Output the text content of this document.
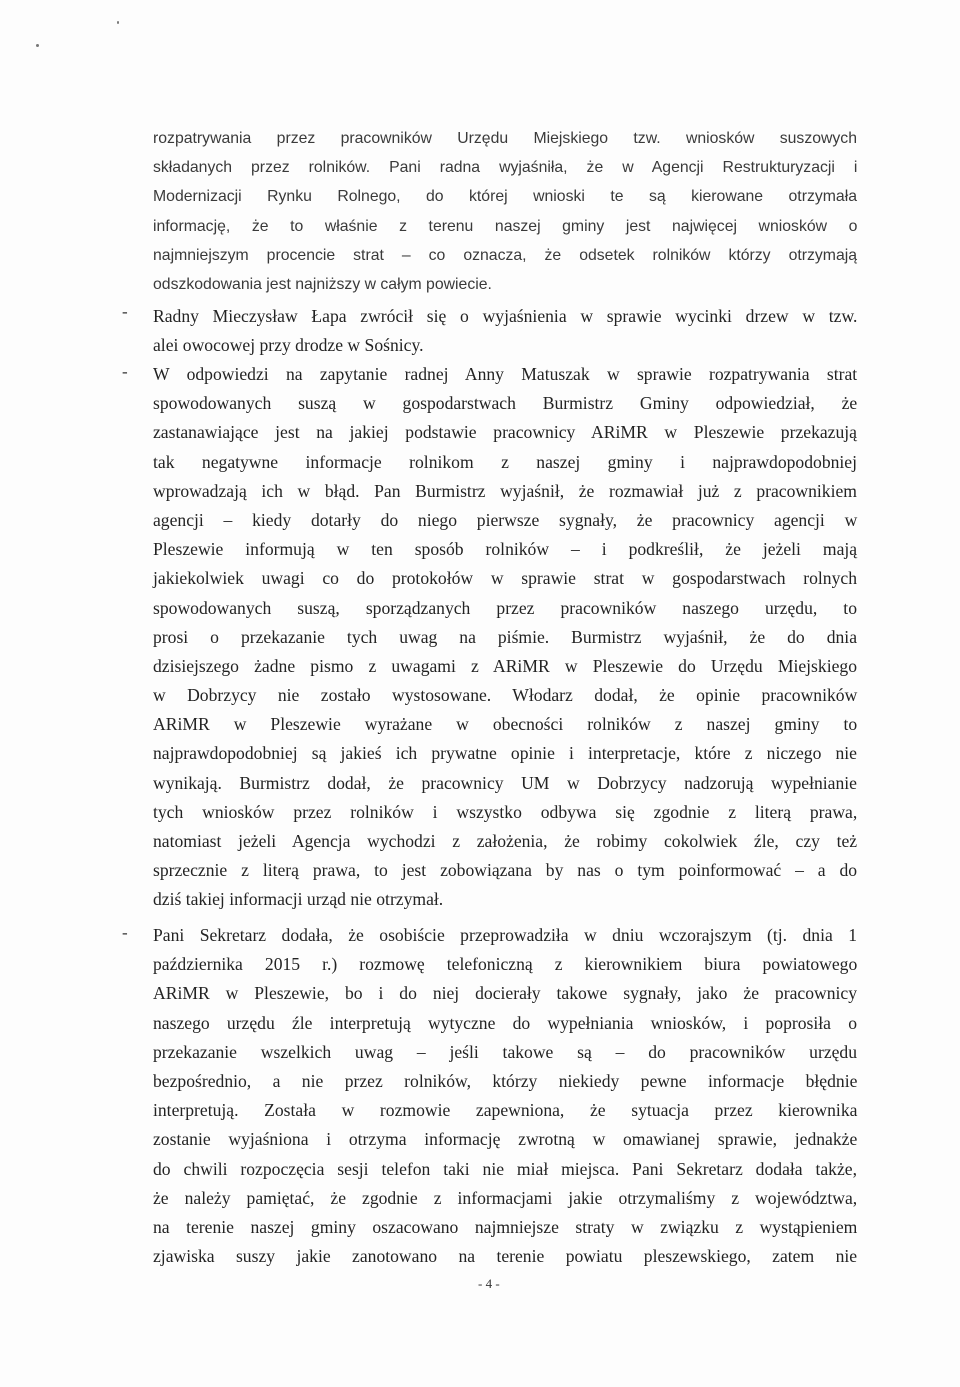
rozpatrywania przez pracowników Urzędu Miejskiego tzw. wniosków suszowych
składanych przez rolników. Pani radna wyjaśniła, że w Agencji Restrukturyzacji i
Modernizacji Rynku Rolnego, do której wnioski te są kierowane otrzymała
informację, że to właśnie z terenu naszej gminy jest najwięcej wniosków o
najmniejszym procencie strat – co oznacza, że odsetek rolników którzy otrzymają
odszkodowania jest najniższy w całym powiecie.
- Radny Mieczysław Łapa zwrócił się o wyjaśnienia w sprawie wycinki drzew w tzw.
alei owocowej przy drodze w Sośnicy.
- W odpowiedzi na zapytanie radnej Anny Matuszak w sprawie rozpatrywania strat
spowodowanych suszą w gospodarstwach Burmistrz Gminy odpowiedział, że
zastanawiające jest na jakiej podstawie pracownicy ARiMR w Pleszewie przekazują
tak negatywne informacje rolnikom z naszej gminy i najprawdopodobniej
wprowadzają ich w błąd. Pan Burmistrz wyjaśnił, że rozmawiał już z pracownikiem
agencji – kiedy dotarły do niego pierwsze sygnały, że pracownicy agencji w
Pleszewie informują w ten sposób rolników – i podkreślił, że jeżeli mają
jakiekolwiek uwagi co do protokołów w sprawie strat w gospodarstwach rolnych
spowodowanych suszą, sporządzanych przez pracowników naszego urzędu, to
prosi o przekazanie tych uwag na piśmie. Burmistrz wyjaśnił, że do dnia
dzisiejszego żadne pismo z uwagami z ARiMR w Pleszewie do Urzędu Miejskiego
w Dobrzycy nie zostało wystosowane. Włodarz dodał, że opinie pracowników
ARiMR w Pleszewie wyrażane w obecności rolników z naszej gminy to
najprawdopodobniej są jakieś ich prywatne opinie i interpretacje, które z niczego nie
wynikają. Burmistrz dodał, że pracownicy UM w Dobrzycy nadzorują wypełnianie
tych wniosków przez rolników i wszystko odbywa się zgodnie z literą prawa,
natomiast jeżeli Agencja wychodzi z założenia, że robimy cokolwiek źle, czy też
sprzecznie z literą prawa, to jest zobowiązana by nas o tym poinformować – a do
dziś takiej informacji urząd nie otrzymał.
- Pani Sekretarz dodała, że osobiście przeprowadziła w dniu wczorajszym (tj. dnia 1
października 2015 r.) rozmowę telefoniczną z kierownikiem biura powiatowego
ARiMR w Pleszewie, bo i do niej docierały takowe sygnały, jako że pracownicy
naszego urzędu źle interpretują wytyczne do wypełniania wniosków, i poprosiła o
przekazanie wszelkich uwag – jeśli takowe są – do pracowników urzędu
bezpośrednio, a nie przez rolników, którzy niekiedy pewne informacje błędnie
interpretują. Została w rozmowie zapewniona, że sytuacja przez kierownika
zostanie wyjaśniona i otrzyma informację zwrotną w omawianej sprawie, jednakże
do chwili rozpoczęcia sesji telefon taki nie miał miejsca. Pani Sekretarz dodała także,
że należy pamiętać, że zgodnie z informacjami jakie otrzymaliśmy z województwa,
na terenie naszej gminy oszacowano najmniejsze straty w związku z wystąpieniem
zjawiska suszy jakie zanotowano na terenie powiatu pleszewskiego, zatem nie
- 4 -
